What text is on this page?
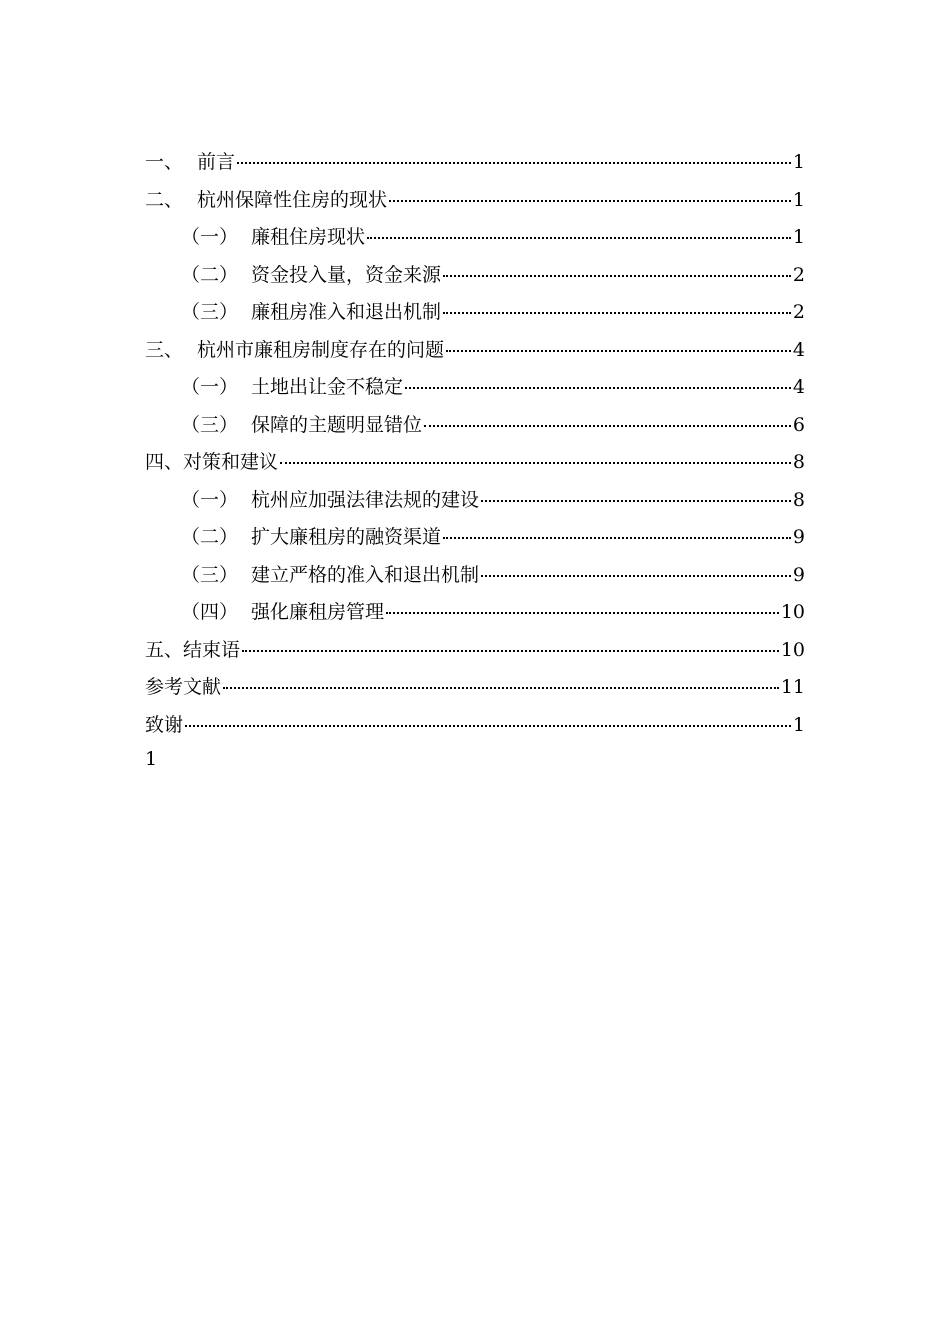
一、 前言	1
二、 杭州保障性住房的现状	1
（一） 廉租住房现状	1
（二） 资金投入量，资金来源	2
（三） 廉租房准入和退出机制	2
三、 杭州市廉租房制度存在的问题	4
（一） 土地出让金不稳定	4
（三） 保障的主题明显错位	6
四、 对策和建议	8
（一） 杭州应加强法律法规的建设	8
（二） 扩大廉租房的融资渠道	9
（三） 建立严格的准入和退出机制	9
（四） 强化廉租房管理	10
五、 结束语	10
参考文献	11
致谢	1
1
